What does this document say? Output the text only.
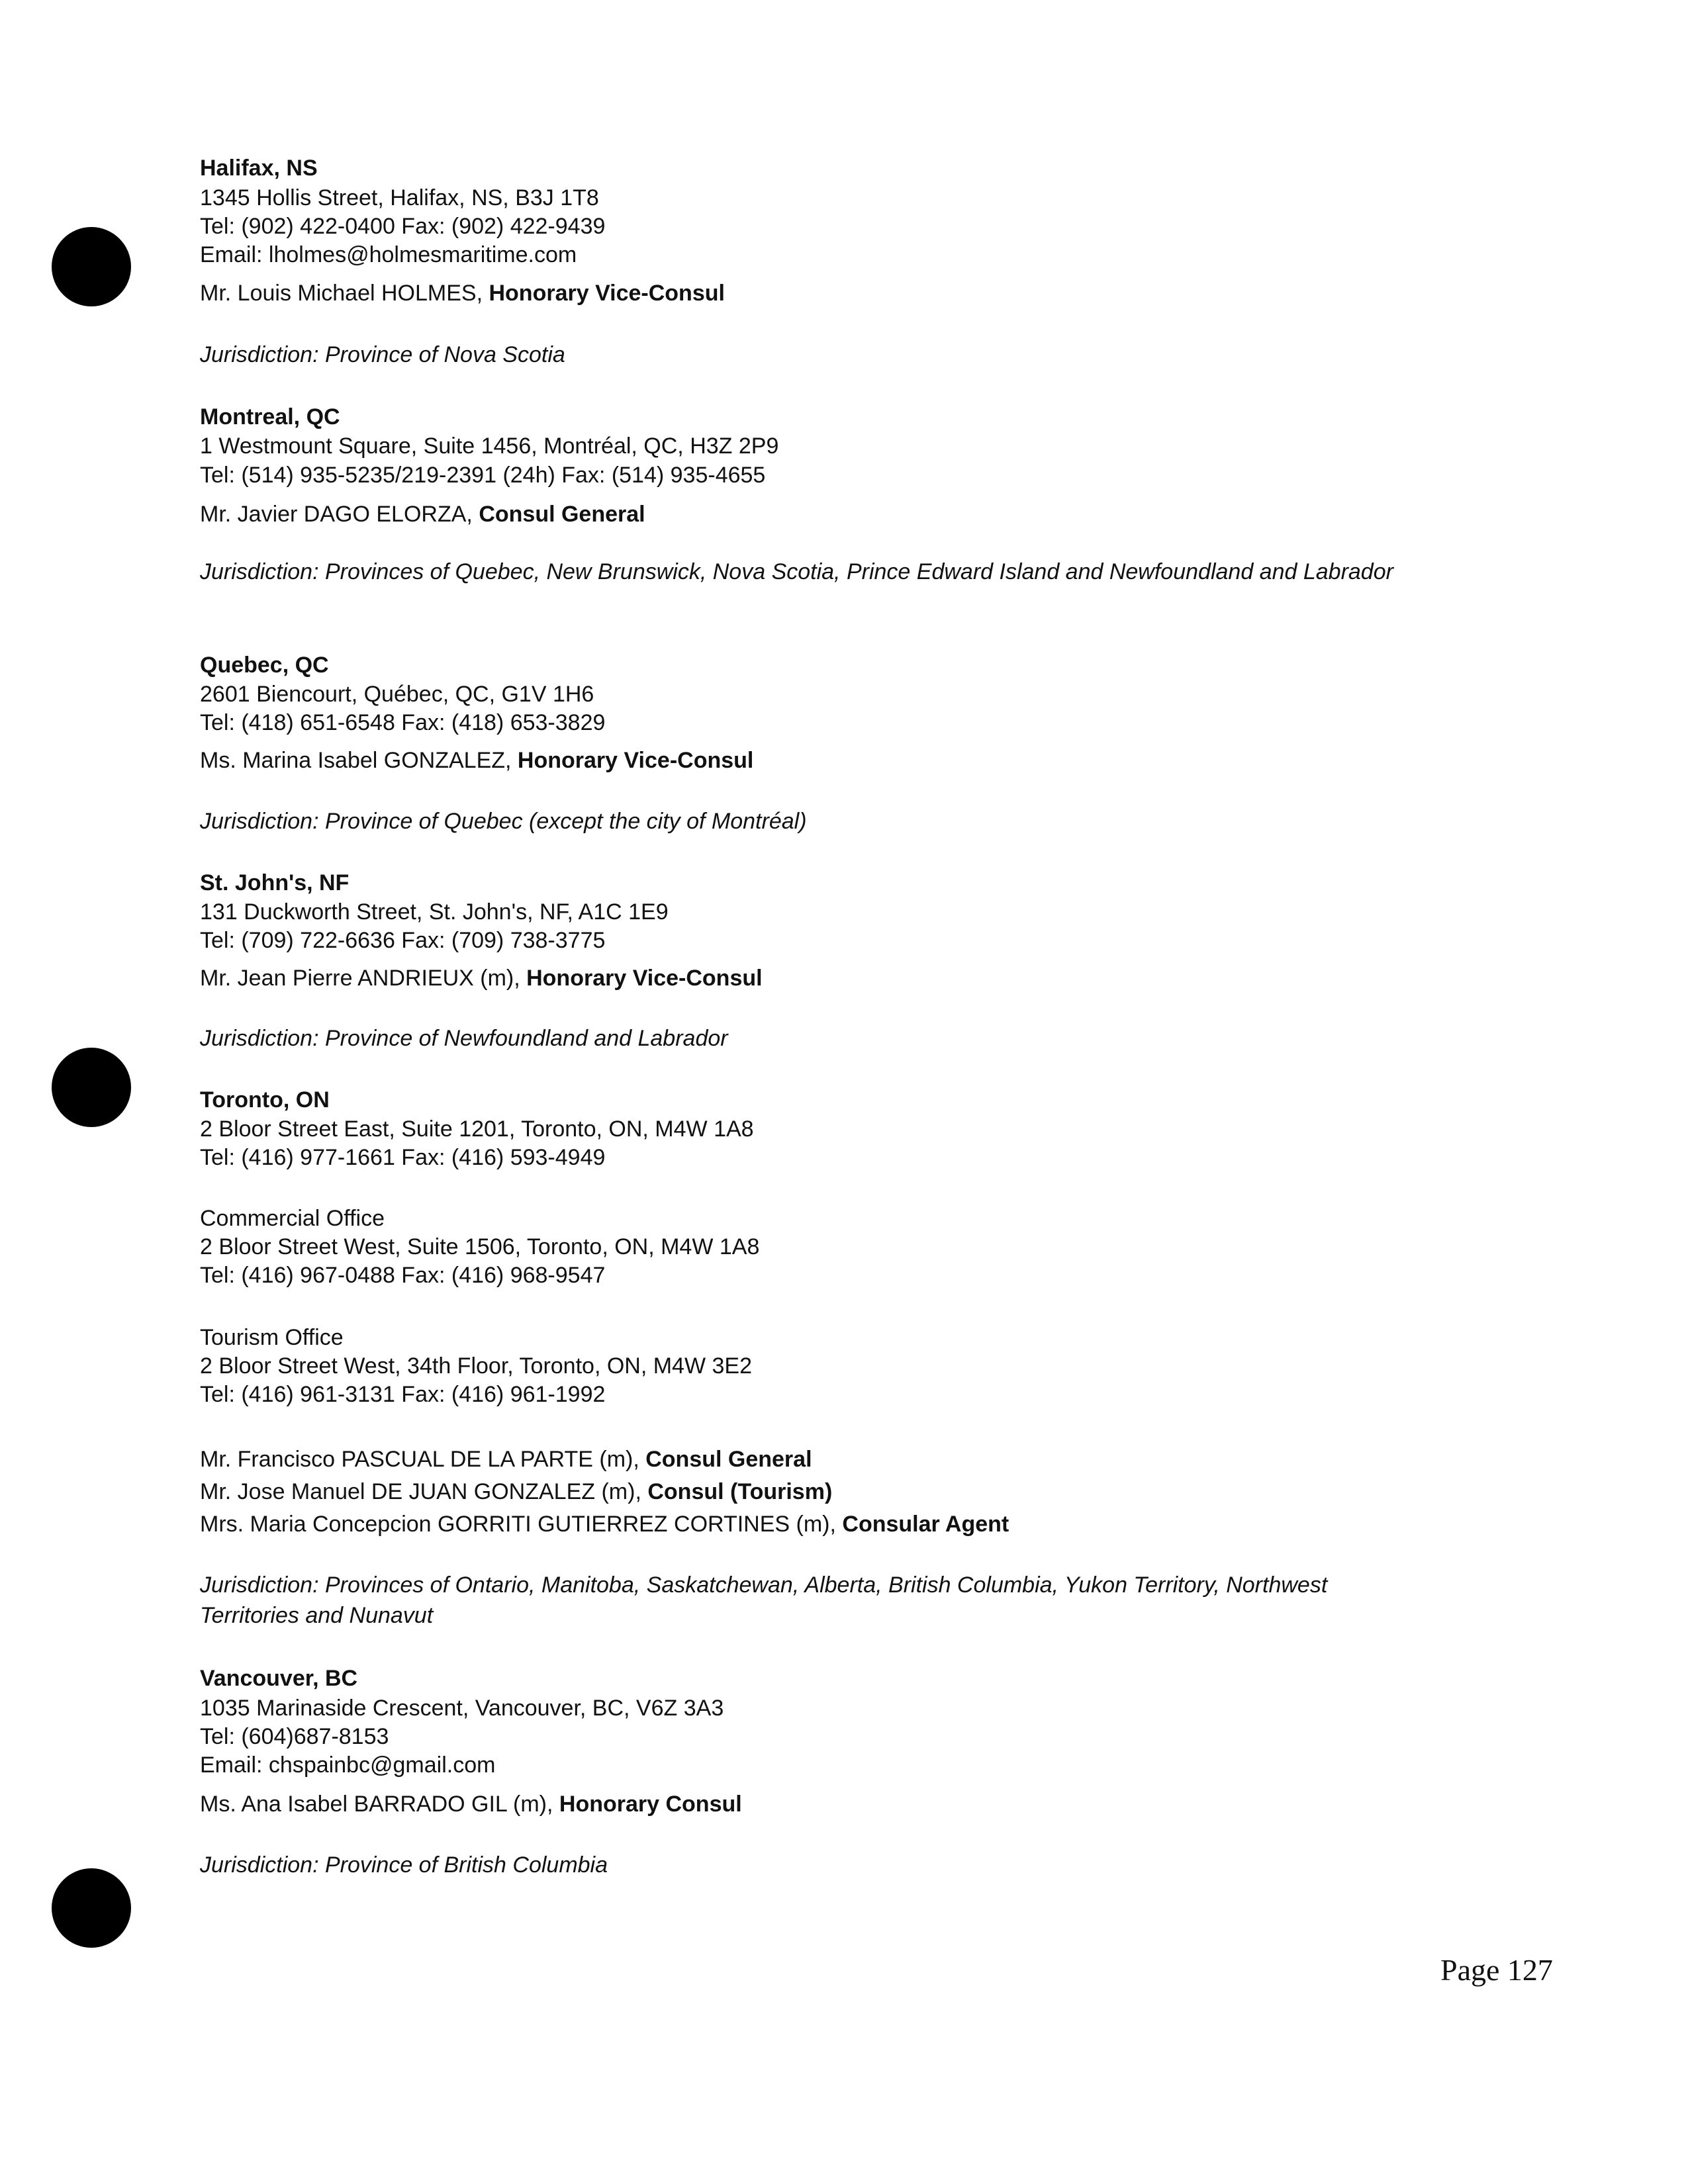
Halifax, NS
1345 Hollis Street, Halifax, NS, B3J 1T8
Tel: (902) 422-0400 Fax: (902) 422-9439
Email: lholmes@holmesmaritime.com
Mr. Louis Michael HOLMES, Honorary Vice-Consul
Jurisdiction: Province of Nova Scotia
Montreal, QC
1 Westmount Square, Suite 1456, Montréal, QC, H3Z 2P9
Tel: (514) 935-5235/219-2391 (24h) Fax: (514) 935-4655
Mr. Javier DAGO ELORZA, Consul General
Jurisdiction: Provinces of Quebec, New Brunswick, Nova Scotia, Prince Edward Island and Newfoundland and Labrador
Quebec, QC
2601 Biencourt, Québec, QC, G1V 1H6
Tel: (418) 651-6548 Fax: (418) 653-3829
Ms. Marina Isabel GONZALEZ, Honorary Vice-Consul
Jurisdiction: Province of Quebec (except the city of Montréal)
St. John's, NF
131 Duckworth Street, St. John's, NF, A1C 1E9
Tel: (709) 722-6636 Fax: (709) 738-3775
Mr. Jean Pierre ANDRIEUX (m), Honorary Vice-Consul
Jurisdiction: Province of Newfoundland and Labrador
Toronto, ON
2 Bloor Street East, Suite 1201, Toronto, ON, M4W 1A8
Tel: (416) 977-1661 Fax: (416) 593-4949
Commercial Office
2 Bloor Street West, Suite 1506, Toronto, ON, M4W 1A8
Tel: (416) 967-0488 Fax: (416) 968-9547
Tourism Office
2 Bloor Street West, 34th Floor, Toronto, ON, M4W 3E2
Tel: (416) 961-3131 Fax: (416) 961-1992
Mr. Francisco PASCUAL DE LA PARTE (m), Consul General
Mr. Jose Manuel DE JUAN GONZALEZ (m), Consul (Tourism)
Mrs. Maria Concepcion GORRITI GUTIERREZ CORTINES (m), Consular Agent
Jurisdiction: Provinces of Ontario, Manitoba, Saskatchewan, Alberta, British Columbia, Yukon Territory, Northwest
Territories and Nunavut
Vancouver, BC
1035 Marinaside Crescent, Vancouver, BC, V6Z 3A3
Tel: (604)687-8153
Email: chspainbc@gmail.com
Ms. Ana Isabel BARRADO GIL (m), Honorary Consul
Jurisdiction: Province of British Columbia
Page 127
